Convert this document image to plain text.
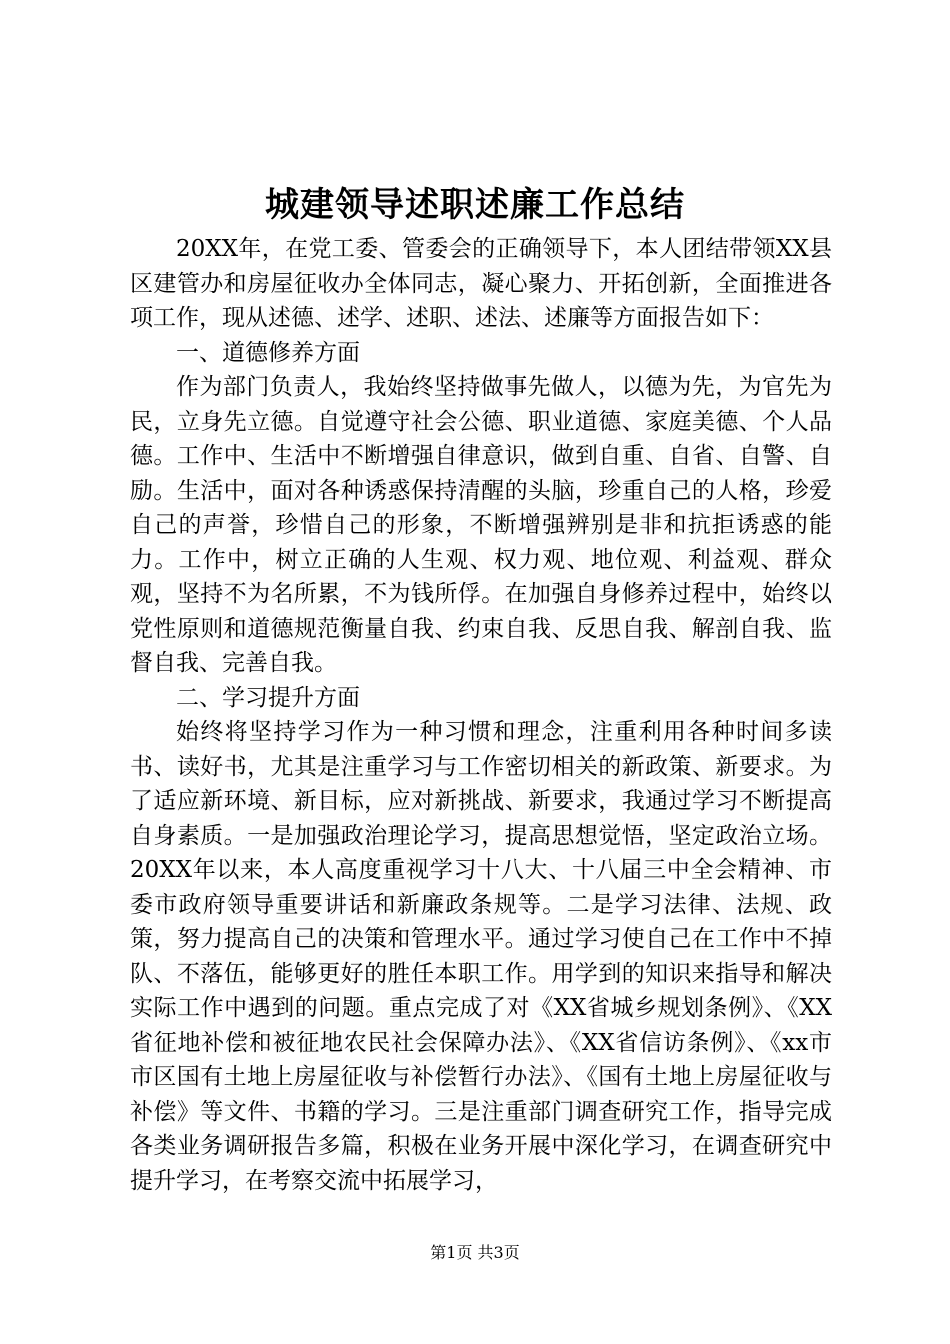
城建领导述职述廉工作总结

20XX年，在党工委、管委会的正确领导下，本人团结带领XX县区建管办和房屋征收办全体同志，凝心聚力、开拓创新，全面推进各项工作，现从述德、述学、述职、述法、述廉等方面报告如下：

一、道德修养方面

作为部门负责人，我始终坚持做事先做人，以德为先，为官先为民，立身先立德。自觉遵守社会公德、职业道德、家庭美德、个人品德。工作中、生活中不断增强自律意识，做到自重、自省、自警、自励。生活中，面对各种诱惑保持清醒的头脑，珍重自己的人格，珍爱自己的声誉，珍惜自己的形象，不断增强辨别是非和抗拒诱惑的能力。工作中，树立正确的人生观、权力观、地位观、利益观、群众观，坚持不为名所累，不为钱所俘。在加强自身修养过程中，始终以党性原则和道德规范衡量自我、约束自我、反思自我、解剖自我、监督自我、完善自我。

二、学习提升方面

始终将坚持学习作为一种习惯和理念，注重利用各种时间多读书、读好书，尤其是注重学习与工作密切相关的新政策、新要求。为了适应新环境、新目标，应对新挑战、新要求，我通过学习不断提高自身素质。一是加强政治理论学习，提高思想觉悟，坚定政治立场。20XX年以来，本人高度重视学习十八大、十八届三中全会精神、市委市政府领导重要讲话和新廉政条规等。二是学习法律、法规、政策，努力提高自己的决策和管理水平。通过学习使自己在工作中不掉队、不落伍，能够更好的胜任本职工作。用学到的知识来指导和解决实际工作中遇到的问题。重点完成了对《XX省城乡规划条例》、《XX省征地补偿和被征地农民社会保障办法》、《XX省信访条例》、《xx市市区国有土地上房屋征收与补偿暂行办法》、《国有土地上房屋征收与补偿》等文件、书籍的学习。三是注重部门调查研究工作，指导完成各类业务调研报告多篇，积极在业务开展中深化学习，在调查研究中提升学习，在考察交流中拓展学习，

第1页 共3页
